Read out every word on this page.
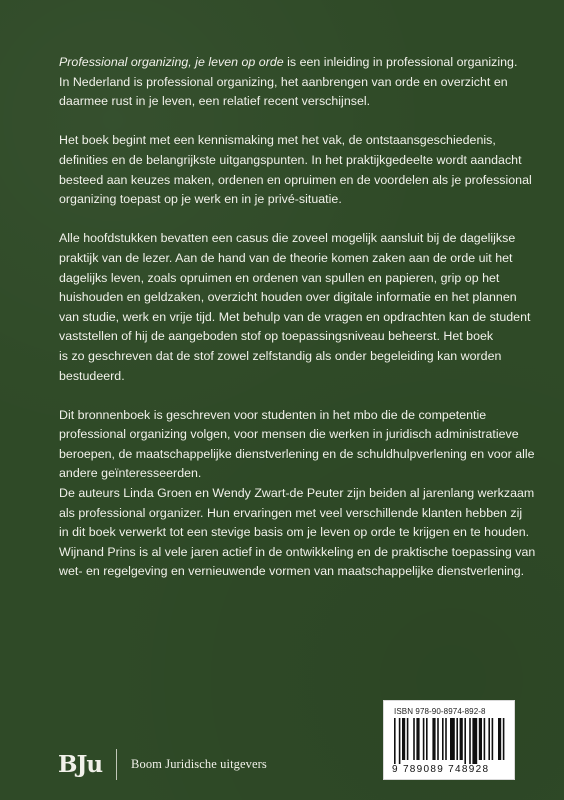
Professional organizing, je leven op orde is een inleiding in professional organizing.
In Nederland is professional organizing, het aanbrengen van orde en overzicht en
daarmee rust in je leven, een relatief recent verschijnsel.
Het boek begint met een kennismaking met het vak, de ontstaansgeschiedenis,
definities en de belangrijkste uitgangspunten. In het praktijkgedeelte wordt aandacht
besteed aan keuzes maken, ordenen en opruimen en de voordelen als je professional
organizing toepast op je werk en in je privé-situatie.
Alle hoofdstukken bevatten een casus die zoveel mogelijk aansluit bij de dagelijkse
praktijk van de lezer. Aan de hand van de theorie komen zaken aan de orde uit het
dagelijks leven, zoals opruimen en ordenen van spullen en papieren, grip op het
huishouden en geldzaken, overzicht houden over digitale informatie en het plannen
van studie, werk en vrije tijd. Met behulp van de vragen en opdrachten kan de student
vaststellen of hij de aangeboden stof op toepassingsniveau beheerst. Het boek
is zo geschreven dat de stof zowel zelfstandig als onder begeleiding kan worden
bestudeerd.
Dit bronnenboek is geschreven voor studenten in het mbo die de competentie
professional organizing volgen, voor mensen die werken in juridisch administratieve
beroepen, de maatschappelijke dienstverlening en de schuldhulpverlening en voor alle
andere geïnteresseerden.
De auteurs Linda Groen en Wendy Zwart-de Peuter zijn beiden al jarenlang werkzaam
als professional organizer. Hun ervaringen met veel verschillende klanten hebben zij
in dit boek verwerkt tot een stevige basis om je leven op orde te krijgen en te houden.
Wijnand Prins is al vele jaren actief in de ontwikkeling en de praktische toepassing van
wet- en regelgeving en vernieuwende vormen van maatschappelijke dienstverlening.
ISBN 978-90-8974-892-8
9 789089 748928
BJu Boom Juridische uitgevers
